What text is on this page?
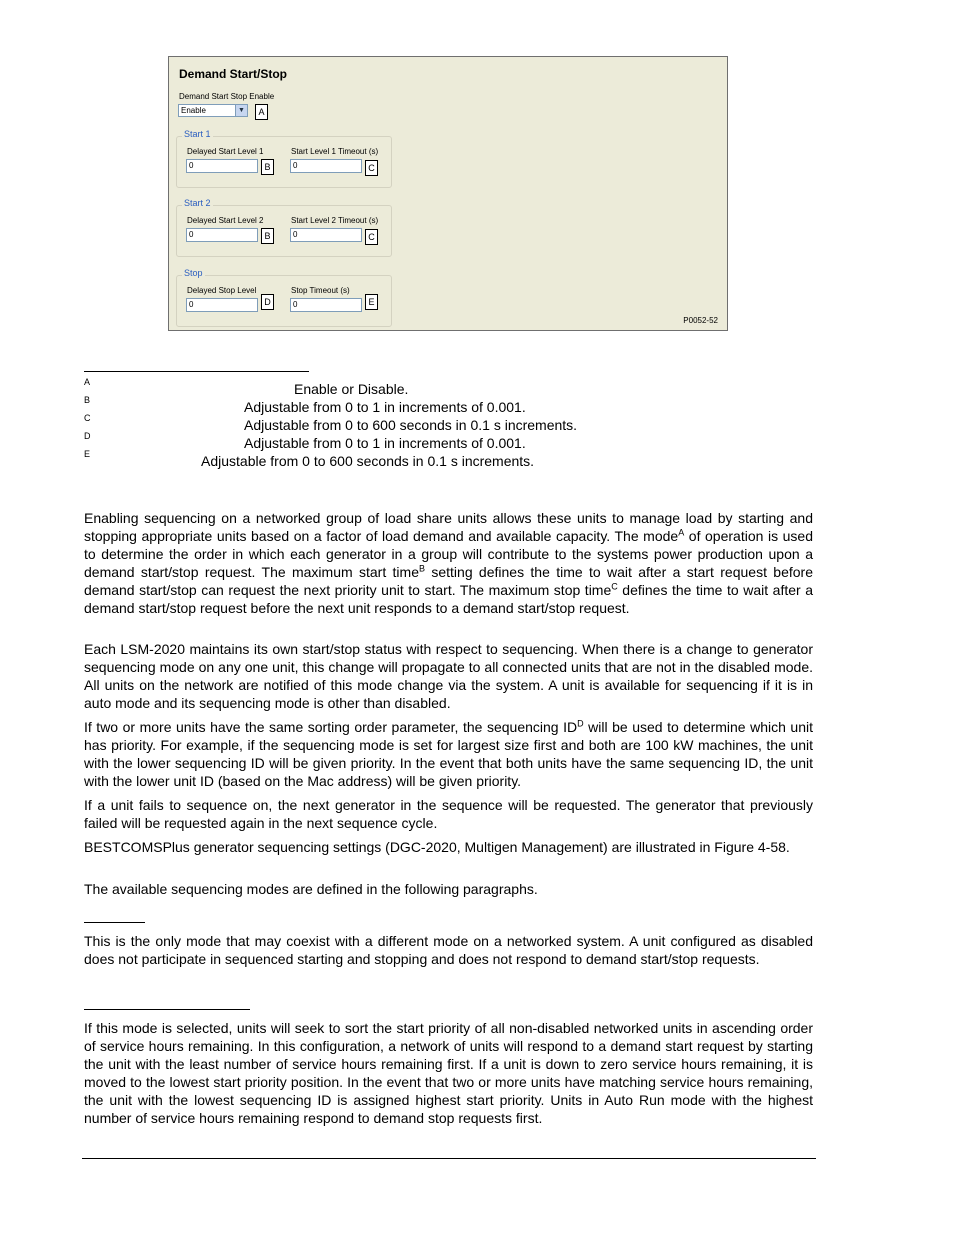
Demand Start/Stop
Demand Start Stop Enable
Enable	▼	A
Start 1
Delayed Start Level 1
0	B
Start Level 1 Timeout (s)
0	C
Start 2
Delayed Start Level 2
0	B
Start Level 2 Timeout (s)
0	C
Stop
Delayed Stop Level
0	D
Stop Timeout (s)
0	E
P0052-52
A	Enable or Disable.
B	Adjustable from 0 to 1 in increments of 0.001.
C	Adjustable from 0 to 600 seconds in 0.1 s increments.
D	Adjustable from 0 to 1 in increments of 0.001.
E	Adjustable from 0 to 600 seconds in 0.1 s increments.

Enabling sequencing on a networked group of load share units allows these units to manage load by starting and stopping appropriate units based on a factor of load demand and available capacity. The mode$^A$ of operation is used to determine the order in which each generator in a group will contribute to the systems power production upon a demand start/stop request. The maximum start time$^B$ setting defines the time to wait after a start request before demand start/stop can request the next priority unit to start. The maximum stop time$^C$ defines the time to wait after a demand start/stop request before the next unit responds to a demand start/stop request.

Each LSM-2020 maintains its own start/stop status with respect to sequencing. When there is a change to generator sequencing mode on any one unit, this change will propagate to all connected units that are not in the disabled mode. All units on the network are notified of this mode change via the system. A unit is available for sequencing if it is in auto mode and its sequencing mode is other than disabled.

If two or more units have the same sorting order parameter, the sequencing $ID^D$ will be used to determine which unit has priority. For example, if the sequencing mode is set for largest size first and both are 100 kW machines, the unit with the lower sequencing ID will be given priority. In the event that both units have the same sequencing ID, the unit with the lower unit ID (based on the Mac address) will be given priority.

If a unit fails to sequence on, the next generator in the sequence will be requested. The generator that previously failed will be requested again in the next sequence cycle.

BESTCOMSPlus generator sequencing settings (DGC-2020, Multigen Management) are illustrated in Figure 4-58.

The available sequencing modes are defined in the following paragraphs.

This is the only mode that may coexist with a different mode on a networked system. A unit configured as disabled does not participate in sequenced starting and stopping and does not respond to demand start/stop requests.

If this mode is selected, units will seek to sort the start priority of all non-disabled networked units in ascending order of service hours remaining. In this configuration, a network of units will respond to a demand start request by starting the unit with the least number of service hours remaining first. If a unit is down to zero service hours remaining, it is moved to the lowest start priority position. In the event that two or more units have matching service hours remaining, the unit with the lowest sequencing ID is assigned highest start priority. Units in Auto Run mode with the highest number of service hours remaining respond to demand stop requests first.
